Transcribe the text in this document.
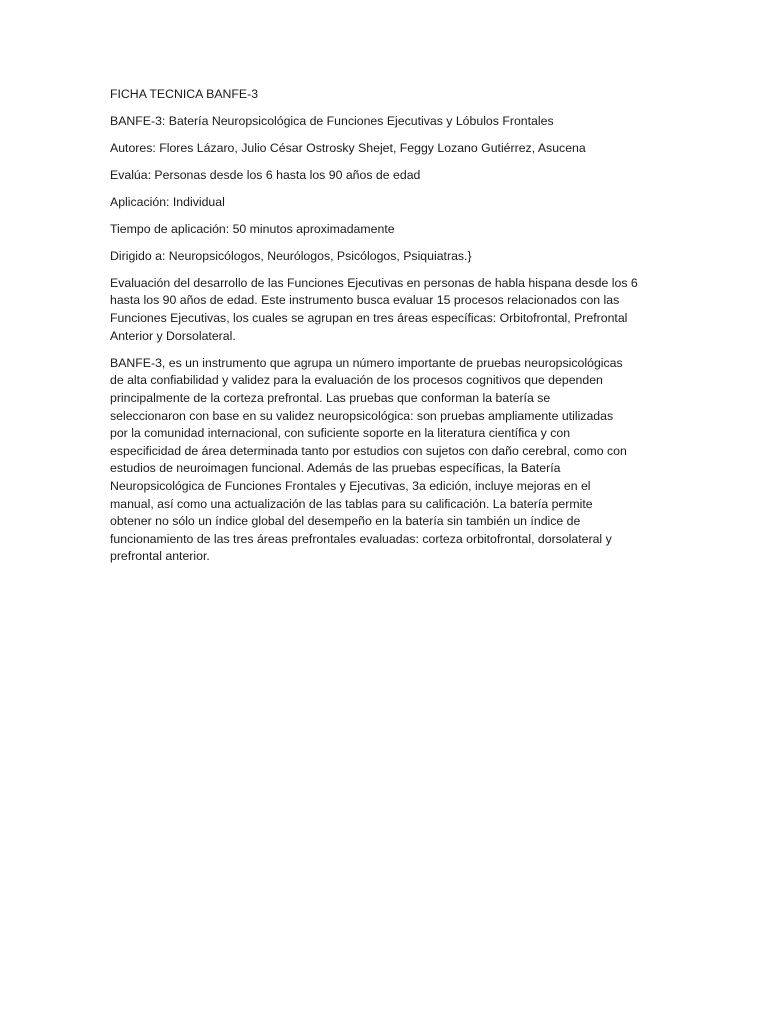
FICHA TECNICA BANFE-3
BANFE-3: Batería Neuropsicológica de Funciones Ejecutivas y Lóbulos Frontales
Autores: Flores Lázaro, Julio César Ostrosky Shejet, Feggy Lozano Gutiérrez, Asucena
Evalúa: Personas desde los 6 hasta los 90 años de edad
Aplicación: Individual
Tiempo de aplicación: 50 minutos aproximadamente
Dirigido a: Neuropsicólogos, Neurólogos, Psicólogos, Psiquiatras.}
Evaluación del desarrollo de las Funciones Ejecutivas en personas de habla hispana desde los 6
hasta los 90 años de edad. Este instrumento busca evaluar 15 procesos relacionados con las
Funciones Ejecutivas, los cuales se agrupan en tres áreas específicas: Orbitofrontal, Prefrontal
Anterior y Dorsolateral.
BANFE-3, es un instrumento que agrupa un número importante de pruebas neuropsicológicas
de alta confiabilidad y validez para la evaluación de los procesos cognitivos que dependen
principalmente de la corteza prefrontal. Las pruebas que conforman la batería se
seleccionaron con base en su validez neuropsicológica: son pruebas ampliamente utilizadas
por la comunidad internacional, con suficiente soporte en la literatura científica y con
especificidad de área determinada tanto por estudios con sujetos con daño cerebral, como con
estudios de neuroimagen funcional. Además de las pruebas específicas, la Batería
Neuropsicológica de Funciones Frontales y Ejecutivas, 3a edición, incluye mejoras en el
manual, así como una actualización de las tablas para su calificación. La batería permite
obtener no sólo un índice global del desempeño en la batería sin también un índice de
funcionamiento de las tres áreas prefrontales evaluadas: corteza orbitofrontal, dorsolateral y
prefrontal anterior.
